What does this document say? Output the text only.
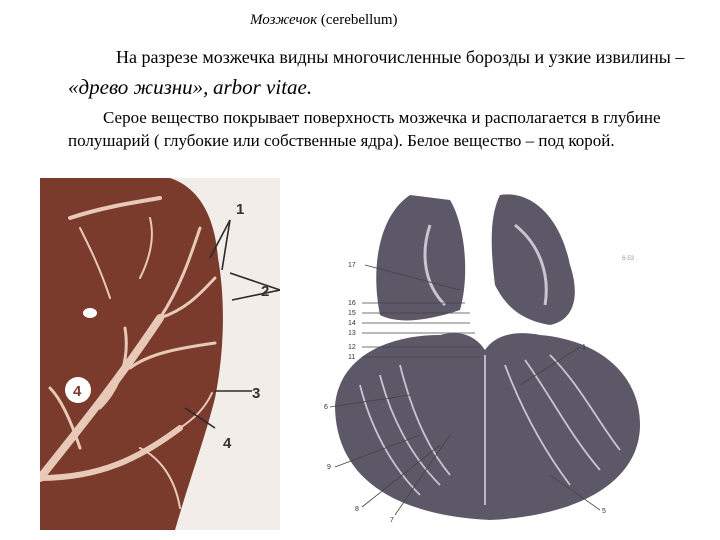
Мозжечок (cerebellum)
На разрезе мозжечка видны многочисленные борозды и узкие извилины – «древо жизни», arbor vitae.
Серое вещество покрывает поверхность мозжечка и располагается в глубине полушарий ( глубокие или собственные ядра). Белое вещество – под корой.
4
1
2
3
4
17
16
15
14
13
12
11
1
6
9
8
7
5
6-53
